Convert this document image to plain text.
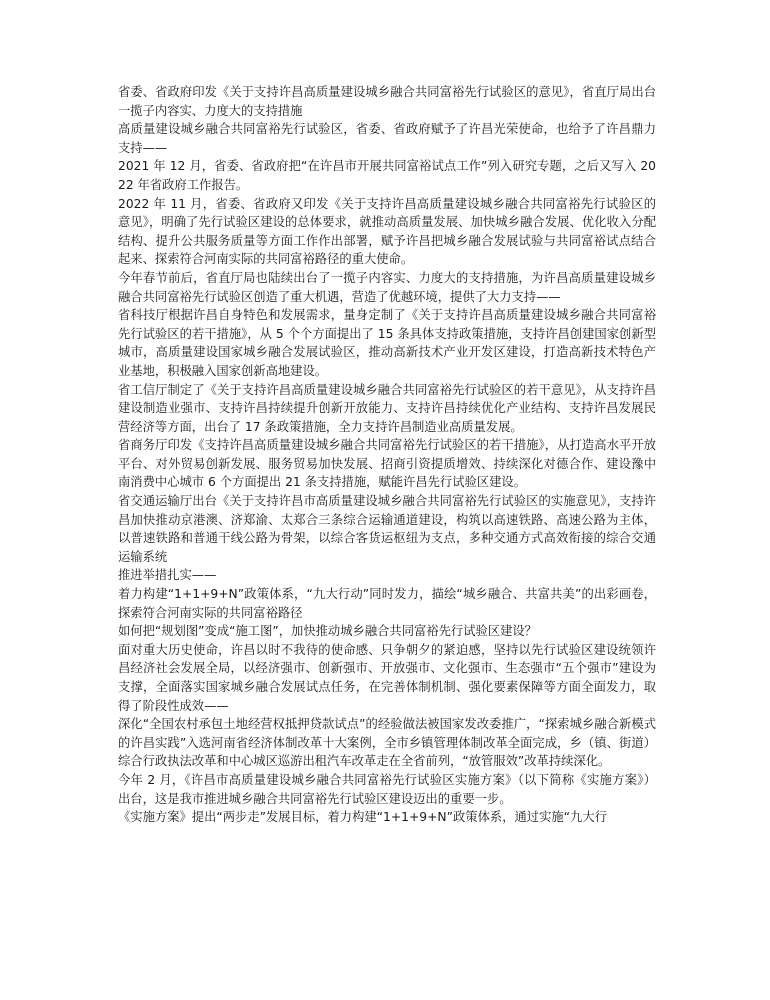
省委、省政府印发《关于支持许昌高质量建设城乡融合共同富裕先行试验区的意见》，省直厅局出台一揽子内容实、力度大的支持措施

高质量建设城乡融合共同富裕先行试验区，省委、省政府赋予了许昌光荣使命，也给予了许昌鼎力支持——

2021 年 12 月，省委、省政府把“在许昌市开展共同富裕试点工作”列入研究专题，之后又写入 2022 年省政府工作报告。

2022 年 11 月，省委、省政府又印发《关于支持许昌高质量建设城乡融合共同富裕先行试验区的意见》，明确了先行试验区建设的总体要求，就推动高质量发展、加快城乡融合发展、优化收入分配结构、提升公共服务质量等方面工作作出部署，赋予许昌把城乡融合发展试验与共同富裕试点结合起来、探索符合河南实际的共同富裕路径的重大使命。

今年春节前后，省直厅局也陆续出台了一揽子内容实、力度大的支持措施，为许昌高质量建设城乡融合共同富裕先行试验区创造了重大机遇，营造了优越环境，提供了大力支持——

省科技厅根据许昌自身特色和发展需求，量身定制了《关于支持许昌高质量建设城乡融合共同富裕先行试验区的若干措施》，从 5 个个方面提出了 15 条具体支持政策措施，支持许昌创建国家创新型城市，高质量建设国家城乡融合发展试验区，推动高新技术产业开发区建设，打造高新技术特色产业基地，积极融入国家创新高地建设。

省工信厅制定了《关于支持许昌高质量建设城乡融合共同富裕先行试验区的若干意见》，从支持许昌建设制造业强市、支持许昌持续提升创新开放能力、支持许昌持续优化产业结构、支持许昌发展民营经济等方面，出台了 17 条政策措施，全力支持许昌制造业高质量发展。

省商务厅印发《支持许昌高质量建设城乡融合共同富裕先行试验区的若干措施》，从打造高水平开放平台、对外贸易创新发展、服务贸易加快发展、招商引资提质增效、持续深化对德合作、建设豫中南消费中心城市 6 个方面提出 21 条支持措施，赋能许昌先行试验区建设。

省交通运输厅出台《关于支持许昌市高质量建设城乡融合共同富裕先行试验区的实施意见》，支持许昌加快推动京港澳、济郑渝、太郑合三条综合运输通道建设，构筑以高速铁路、高速公路为主体，以普速铁路和普通干线公路为骨架，以综合客货运枢纽为支点，多种交通方式高效衔接的综合交通运输系统

推进举措扎实——

着力构建“1+1+9+N”政策体系，“九大行动”同时发力，描绘“城乡融合、共富共美”的出彩画卷，探索符合河南实际的共同富裕路径

如何把“规划图”变成“施工图”，加快推动城乡融合共同富裕先行试验区建设？

面对重大历史使命，许昌以时不我待的使命感、只争朝夕的紧迫感，坚持以先行试验区建设统领许昌经济社会发展全局，以经济强市、创新强市、开放强市、文化强市、生态强市“五个强市”建设为支撑，全面落实国家城乡融合发展试点任务，在完善体制机制、强化要素保障等方面全面发力，取得了阶段性成效——

深化“全国农村承包土地经营权抵押贷款试点”的经验做法被国家发改委推广，“探索城乡融合新模式的许昌实践”入选河南省经济体制改革十大案例，全市乡镇管理体制改革全面完成，乡（镇、街道）综合行政执法改革和中心城区巡游出租汽车改革走在全省前列，“放管服效”改革持续深化。

今年 2 月，《许昌市高质量建设城乡融合共同富裕先行试验区实施方案》（以下简称《实施方案》）出台，这是我市推进城乡融合共同富裕先行试验区建设迈出的重要一步。

《实施方案》提出“两步走”发展目标，着力构建“1+1+9+N”政策体系，通过实施“九大行
